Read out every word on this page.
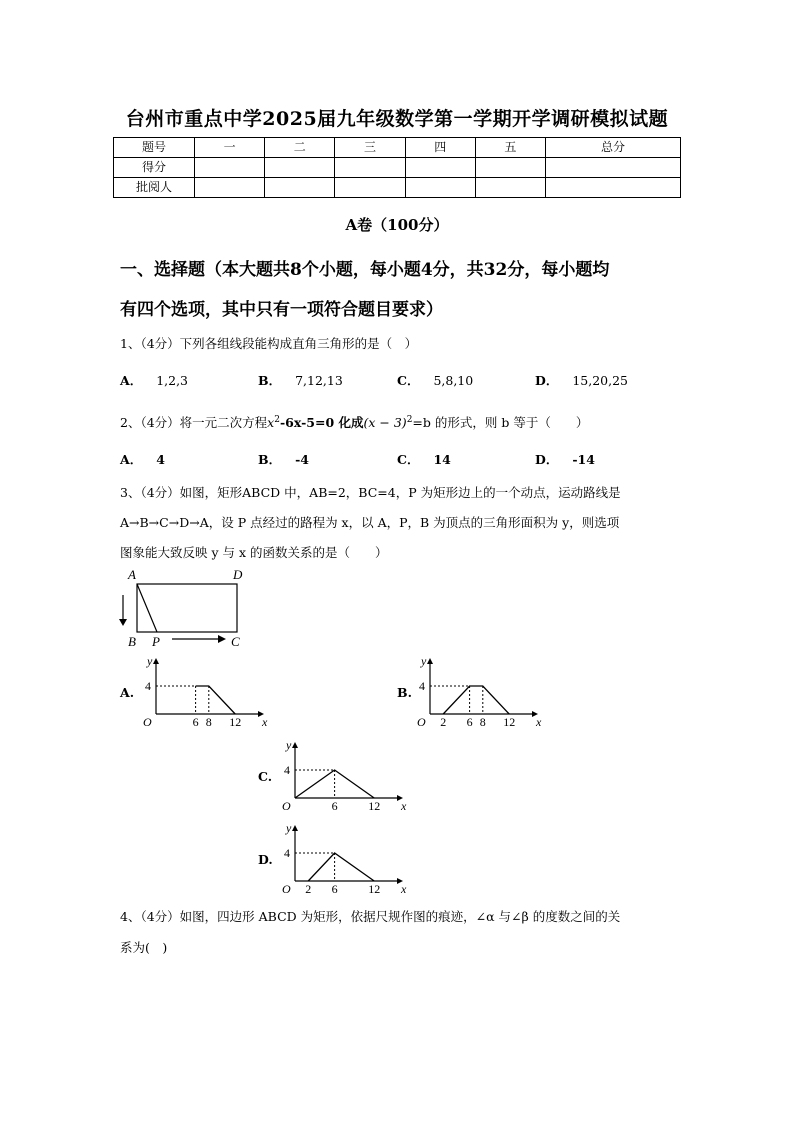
台州市重点中学2025届九年级数学第一学期开学调研模拟试题
题号	一	二	三	四	五	总分
得分						
批阅人						
A卷（100分）
一、选择题（本大题共8个小题，每小题4分，共32分，每小题均
有四个选项，其中只有一项符合题目要求）
1、（4分）下列各组线段能构成直角三角形的是（　）
A． 1,2,3	B． 7,12,13	C． 5,8,10	D． 15,20,25
2、（4分）将一元二次方程$x^2-6x-5=0$ 化成$(x - 3)^2=b$ 的形式，则 b 等于（　　）
A． 4	B． -4	C． 14	D． -14
3、（4分）如图，矩形ABCD 中，AB=2，BC=4，P 为矩形边上的一个动点，运动路线是
A→B→C→D→A，设 P 点经过的路程为 x，以 A，P，B 为顶点的三角形面积为 y，则选项
图象能大致反映 y 与 x 的函数关系的是（　　）
A	D
B P	C
A.
y
x
O
4
6 8 12
B.
y
x
O
4
2 6 8 12
C.
y
x
O
4
6	12
D.
y
x
O
4
2 6	12
4、（4分）如图，四边形 ABCD 为矩形，依据尺规作图的痕迹，∠α 与∠β 的度数之间的关
系为(　)
